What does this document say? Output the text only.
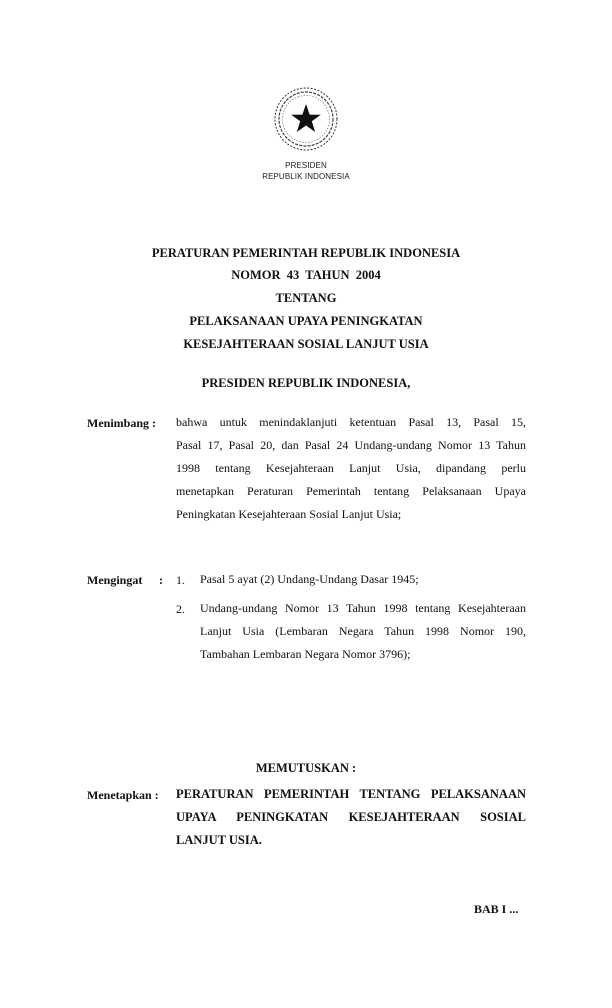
PRESIDEN
REPUBLIK INDONESIA
PERATURAN PEMERINTAH REPUBLIK INDONESIA
NOMOR  43  TAHUN  2004
TENTANG
PELAKSANAAN UPAYA PENINGKATAN
KESEJAHTERAAN SOSIAL LANJUT USIA
PRESIDEN REPUBLIK INDONESIA,
Menimbang : bahwa untuk menindaklanjuti ketentuan Pasal 13, Pasal 15,
Pasal 17, Pasal 20, dan Pasal 24 Undang-undang Nomor 13 Tahun
1998 tentang Kesejahteraan Lanjut Usia, dipandang perlu
menetapkan Peraturan Pemerintah tentang Pelaksanaan Upaya
Peningkatan Kesejahteraan Sosial Lanjut Usia;
Mengingat : 1. Pasal 5 ayat (2) Undang-Undang Dasar 1945;
2. Undang-undang Nomor 13 Tahun 1998 tentang Kesejahteraan
Lanjut Usia (Lembaran Negara Tahun 1998 Nomor 190,
Tambahan Lembaran Negara Nomor 3796);
MEMUTUSKAN :
Menetapkan : PERATURAN PEMERINTAH TENTANG PELAKSANAAN
UPAYA PENINGKATAN KESEJAHTERAAN SOSIAL
LANJUT USIA.
BAB I ...
